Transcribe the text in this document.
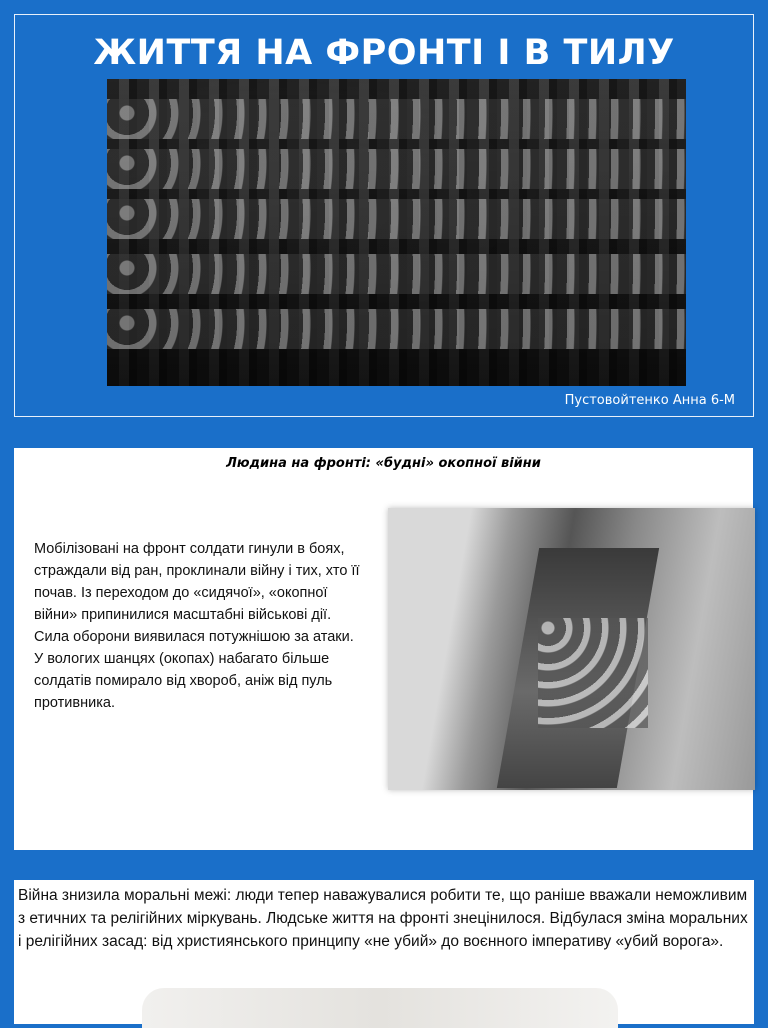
ЖИТТЯ НА ФРОНТІ І В ТИЛУ
Пустовойтенко Анна 6-М
Людина на фронті: «будні» окопної війни
Мобілізовані на фронт солдати гинули в боях, страждали від ран, проклинали війну і тих, хто її почав. Із переходом до «сидячої», «окопної війни» припинилися масштабні військові дії. Сила оборони виявилася потужнішою за атаки. У вологих шанцях (окопах) набагато більше солдатів помирало від хвороб, аніж від пуль противника.
Війна знизила моральні межі: люди тепер наважувалися робити те, що раніше вважали неможливим з етичних та релігійних міркувань. Людське життя на фронті знецінилося. Відбулася зміна моральних і релігійних засад: від християнського принципу «не убий» до воєнного імперативу «убий ворога».
